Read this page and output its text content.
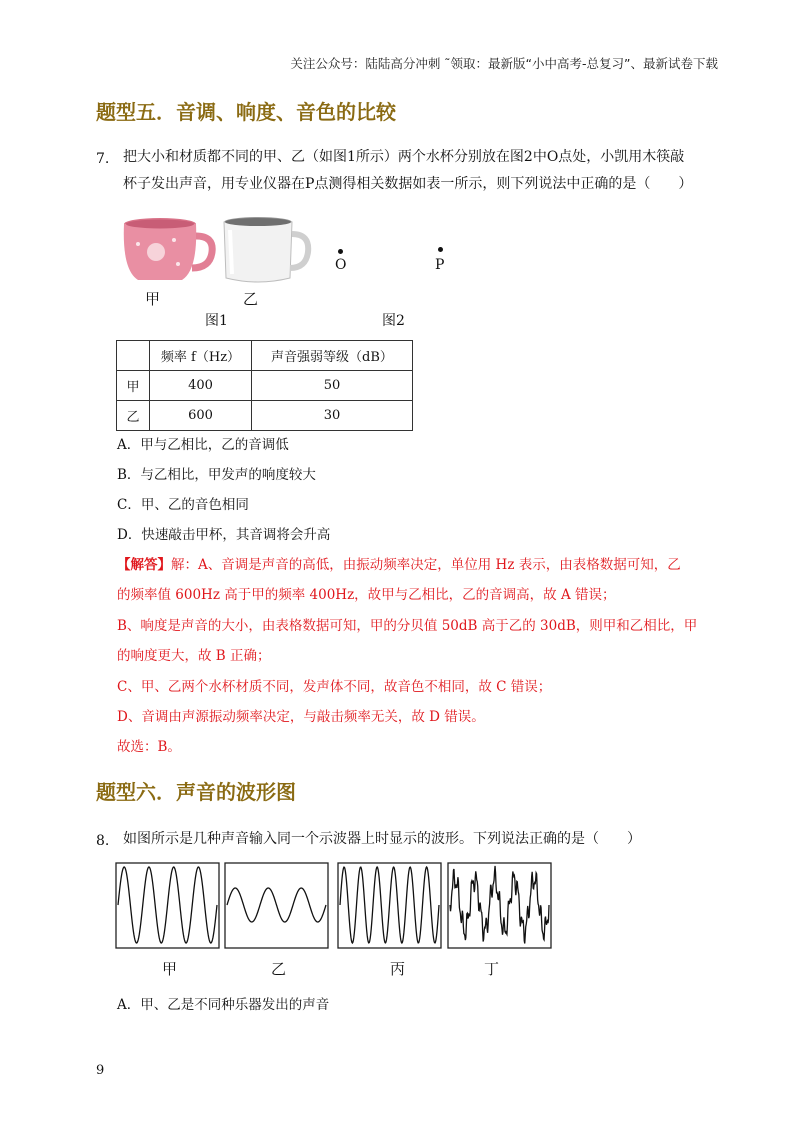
关注公众号：陆陆高分冲刺 ˜领取：最新版“小中高考-总复习”、最新试卷下载
题型五．音调、响度、音色的比较
7. 把大小和材质都不同的甲、乙（如图1所示）两个水杯分别放在图2中O点处，小凯用木筷敲
杯子发出声音，用专业仪器在P点测得相关数据如表一所示，则下列说法中正确的是（　　）
甲	乙
图1
O	P
图2
	频率 f（Hz）	声音强弱等级（dB）
甲	400	50
乙	600	30
A．甲与乙相比，乙的音调低
B．与乙相比，甲发声的响度较大
C．甲、乙的音色相同
D．快速敲击甲杯，其音调将会升高
【解答】解：A、音调是声音的高低，由振动频率决定，单位用 Hz 表示，由表格数据可知，乙
的频率值 600Hz 高于甲的频率 400Hz，故甲与乙相比，乙的音调高，故 A 错误；
B、响度是声音的大小，由表格数据可知，甲的分贝值 50dB 高于乙的 30dB，则甲和乙相比，甲
的响度更大，故 B 正确；
C、甲、乙两个水杯材质不同，发声体不同，故音色不相同，故 C 错误；
D、音调由声源振动频率决定，与敲击频率无关，故 D 错误。
故选：B。
题型六．声音的波形图
8. 如图所示是几种声音输入同一个示波器上时显示的波形。下列说法正确的是（　　）
甲	乙	丙	丁
A．甲、乙是不同种乐器发出的声音
9
